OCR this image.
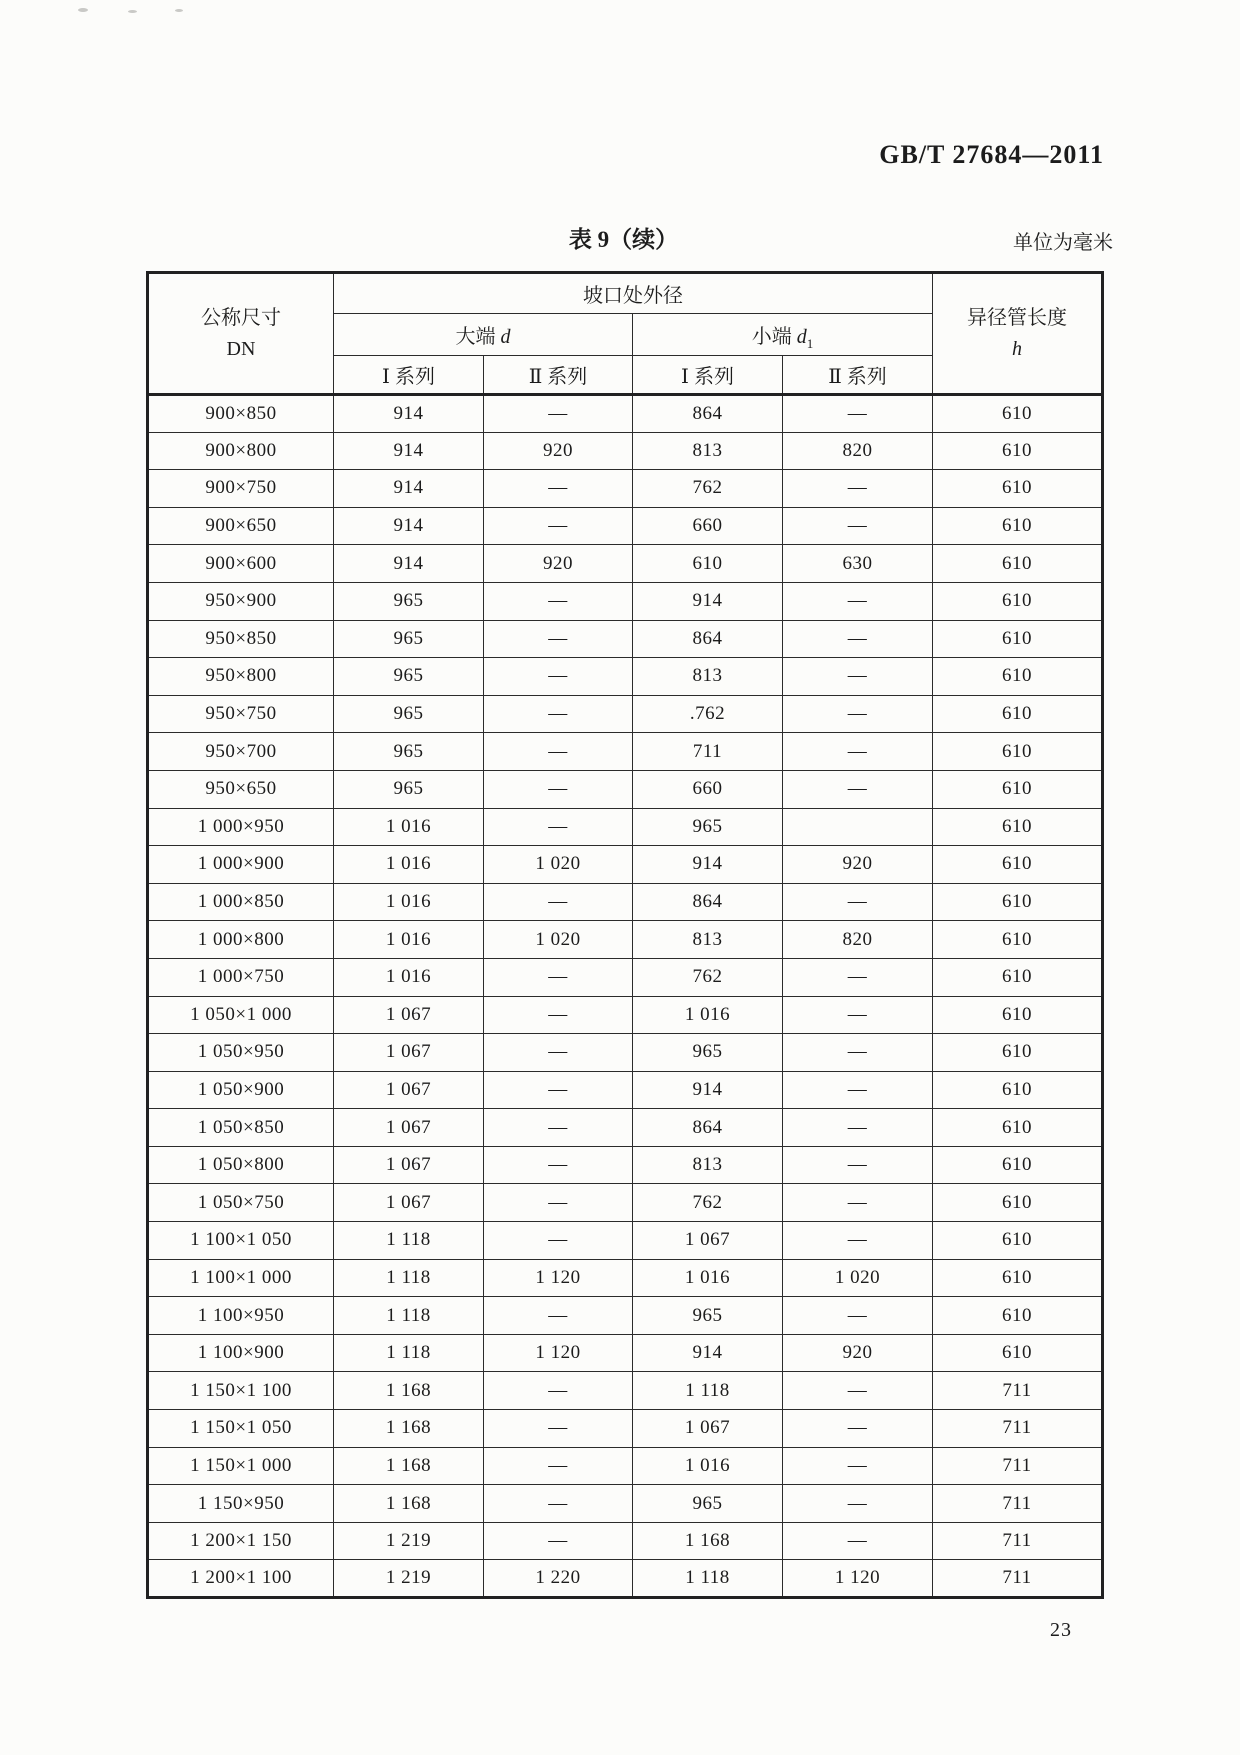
GB/T 27684—2011
表 9（续）	单位为毫米
公称尺寸
DN
	坡口处外径	
异径管长度
h

	大端 d		小端 $d_1$
	Ⅰ 系列	Ⅱ 系列	Ⅰ 系列	Ⅱ 系列	
900×850	914	—	864	—	610
900×800	914	920	813	820	610
900×750	914	—	762	—	610
900×650	914	—	660	—	610
900×600	914	920	610	630	610
950×900	965	—	914	—	610
950×850	965	—	864	—	610
950×800	965	—	813	—	610
950×750	965	—	.762	—	610
950×700	965	—	711	—	610
950×650	965	—	660	—	610
1 000×950	1 016	—	965		610
1 000×900	1 016	1 020	914	920	610
1 000×850	1 016	—	864	—	610
1 000×800	1 016	1 020	813	820	610
1 000×750	1 016	—	762	—	610
1 050×1 000	1 067	—	1 016	—	610
1 050×950	1 067	—	965	—	610
1 050×900	1 067	—	914	—	610
1 050×850	1 067	—	864	—	610
1 050×800	1 067	—	813	—	610
1 050×750	1 067	—	762	—	610
1 100×1 050	1 118	—	1 067	—	610
1 100×1 000	1 118	1 120	1 016	1 020	610
1 100×950	1 118	—	965	—	610
1 100×900	1 118	1 120	914	920	610
1 150×1 100	1 168	—	1 118	—	711
1 150×1 050	1 168	—	1 067	—	711
1 150×1 000	1 168	—	1 016	—	711
1 150×950	1 168	—	965	—	711
1 200×1 150	1 219	—	1 168	—	711
1 200×1 100	1 219	1 220	1 118	1 120	711
23
